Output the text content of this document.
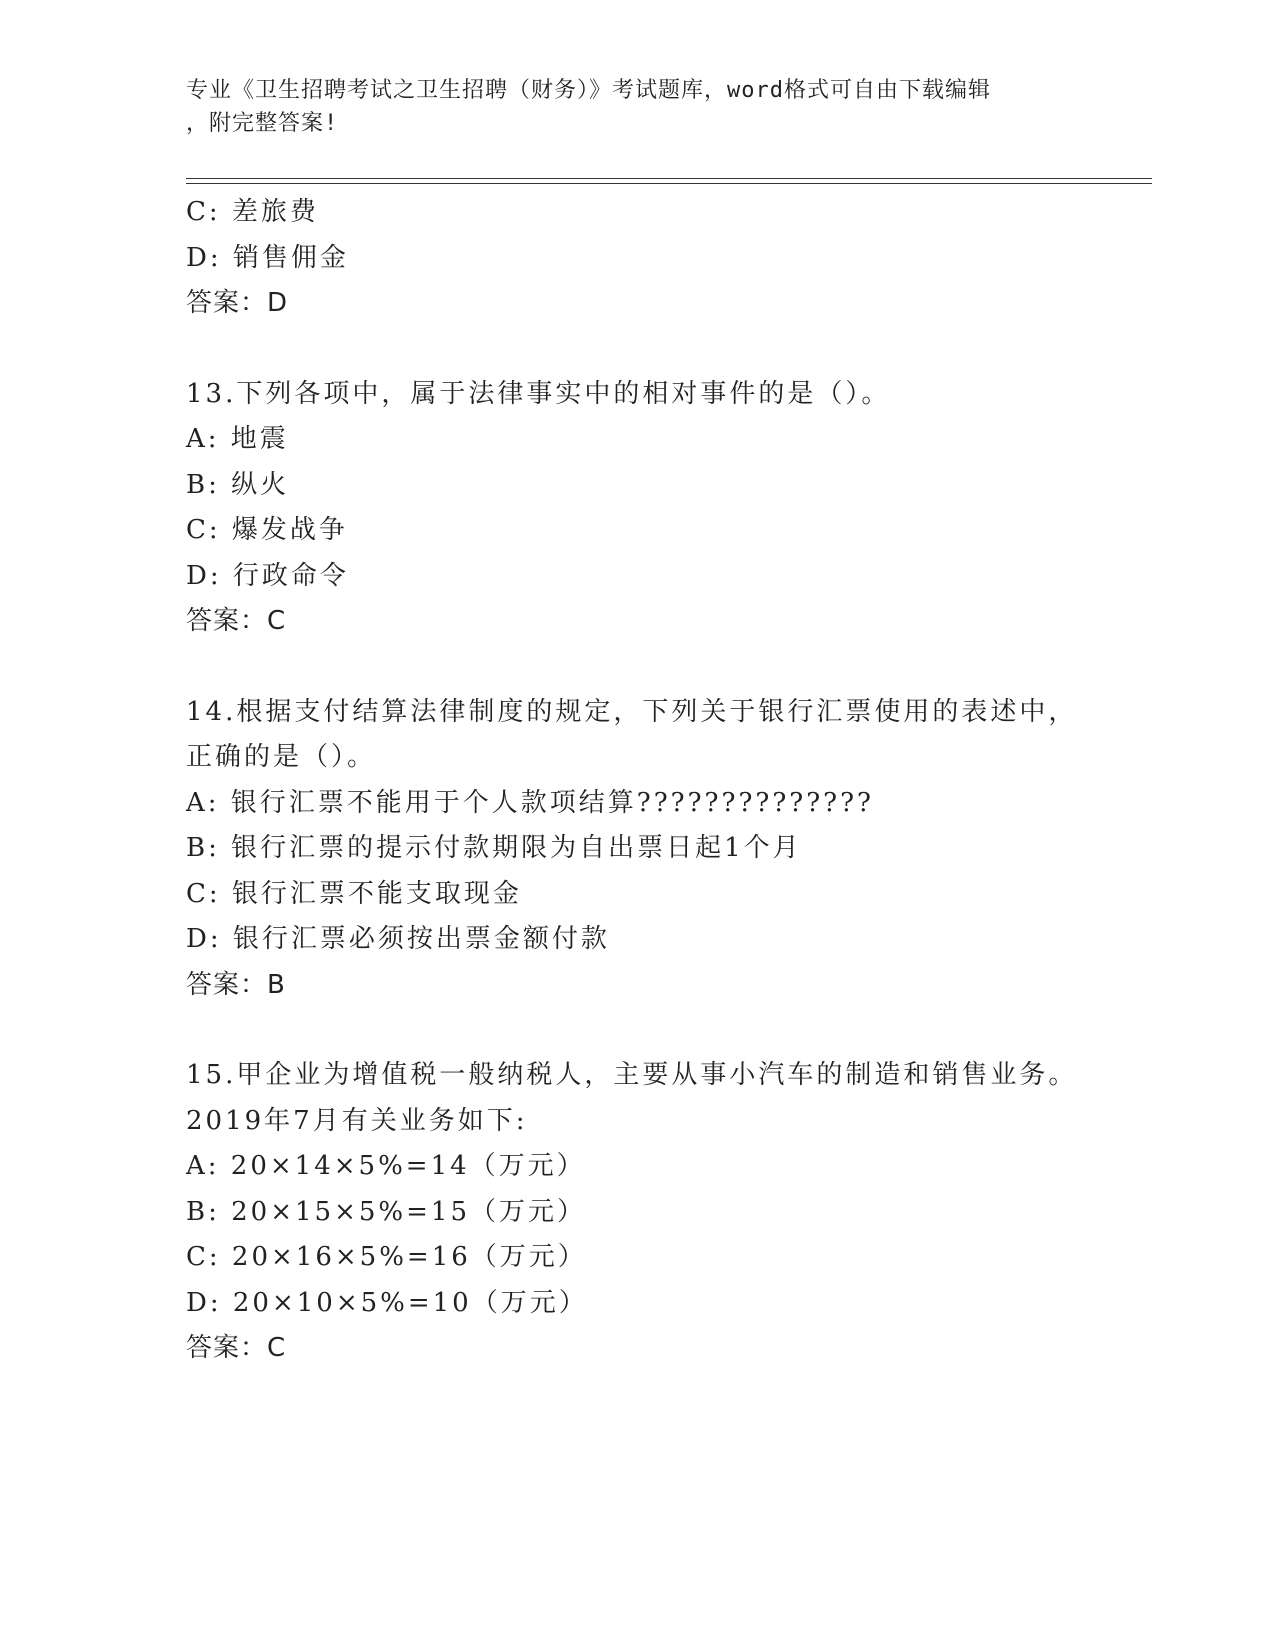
专业《卫生招聘考试之卫生招聘（财务）》考试题库，word格式可自由下载编辑
，附完整答案!
C: 差旅费
D: 销售佣金
答案：D
13.下列各项中，属于法律事实中的相对事件的是（）。
A: 地震
B: 纵火
C: 爆发战争
D: 行政命令
答案：C
14.根据支付结算法律制度的规定，下列关于银行汇票使用的表述中，
正确的是（）。
A: 银行汇票不能用于个人款项结算??????????????
B: 银行汇票的提示付款期限为自出票日起1个月
C: 银行汇票不能支取现金
D: 银行汇票必须按出票金额付款
答案：B
15.甲企业为增值税一般纳税人，主要从事小汽车的制造和销售业务。
2019年7月有关业务如下:
A: 20×14×5%=14（万元）
B: 20×15×5%=15（万元）
C: 20×16×5%=16（万元）
D: 20×10×5%=10（万元）
答案：C
